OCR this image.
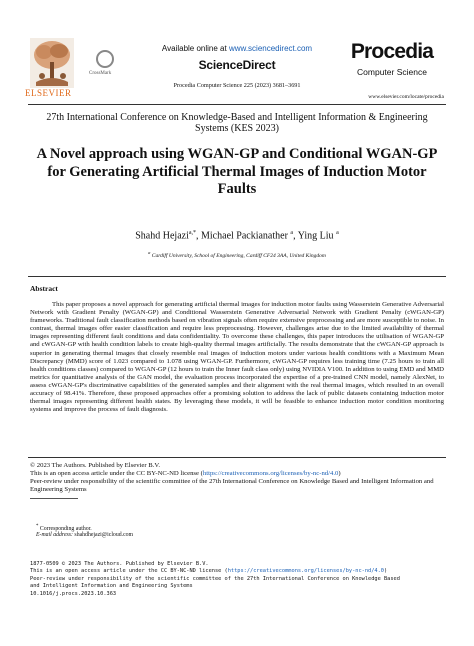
ELSEVIER
CrossMark
Available online at www.sciencedirect.com
ScienceDirect
Procedia Computer Science 225 (2023) 3681–3691
Procedia
Computer Science
www.elsevier.com/locate/procedia
27th International Conference on Knowledge-Based and Intelligent Information & Engineering Systems (KES 2023)
A Novel approach using WGAN-GP and Conditional WGAN-GP for Generating Artificial Thermal Images of Induction Motor Faults
Shahd Hejazi$^{a,*}$, Michael Packianather $^a$, Ying Liu $^a$
$^a$ Cardiff University, School of Engineering, Cardiff CF24 3AA, United Kingdom
Abstract
This paper proposes a novel approach for generating artificial thermal images for induction motor faults using Wasserstein Generative Adversarial Network with Gradient Penalty (WGAN-GP) and Conditional Wasserstein Generative Adversarial Network with Gradient Penalty (cWGAN-GP) frameworks. Traditional fault classification methods based on vibration signals often require extensive preprocessing and are more susceptible to noise. In contrast, thermal images offer easier classification and require less preprocessing. However, challenges arise due to the limited availability of thermal images representing different fault conditions and data confidentiality. To overcome these challenges, this paper introduces the utilisation of WGAN-GP and cWGAN-GP with health condition labels to create high-quality thermal images artificially. The results demonstrate that the cWGAN-GP approach is superior in generating thermal images that closely resemble real images of induction motors under various health conditions with a Maximum Mean Discrepancy (MMD) score of 1.023 compared to 1.078 using WGAN-GP. Furthermore, cWGAN-GP requires less training time (7.25 hours to train all health conditions classes) compared to WGAN-GP (12 hours to train the Inner fault class only) using NVIDIA V100. In addition to using EMD and MMD metrics for quantitative analysis of the GAN model, the evaluation process incorporated the expertise of a pre-trained CNN model, namely AlexNet, to assess cWGAN-GP's discriminative capabilities of the generated samples and their alignment with the real thermal images, which resulted in an overall accuracy of 98.41%. Therefore, these proposed approaches offer a promising solution to address the lack of public datasets containing induction motor thermal images representing different health states. By leveraging these models, it will be feasible to enhance induction motor condition monitoring systems and improve the process of fault diagnosis.
© 2023 The Authors. Published by Elsevier B.V.
This is an open access article under the CC BY-NC-ND license (https://creativecommons.org/licenses/by-nc-nd/4.0)
Peer-review under responsibility of the scientific committee of the 27th International Conference on Knowledge Based and Intelligent Information and Engineering Systems
* Corresponding author.
E-mail address: shahdhejazi@icloud.com
1877-0509 © 2023 The Authors. Published by Elsevier B.V.
This is an open access article under the CC BY-NC-ND license (https://creativecommons.org/licenses/by-nc-nd/4.0)
Peer-review under responsibility of the scientific committee of the 27th International Conference on Knowledge Based
and Intelligent Information and Engineering Systems
10.1016/j.procs.2023.10.363
